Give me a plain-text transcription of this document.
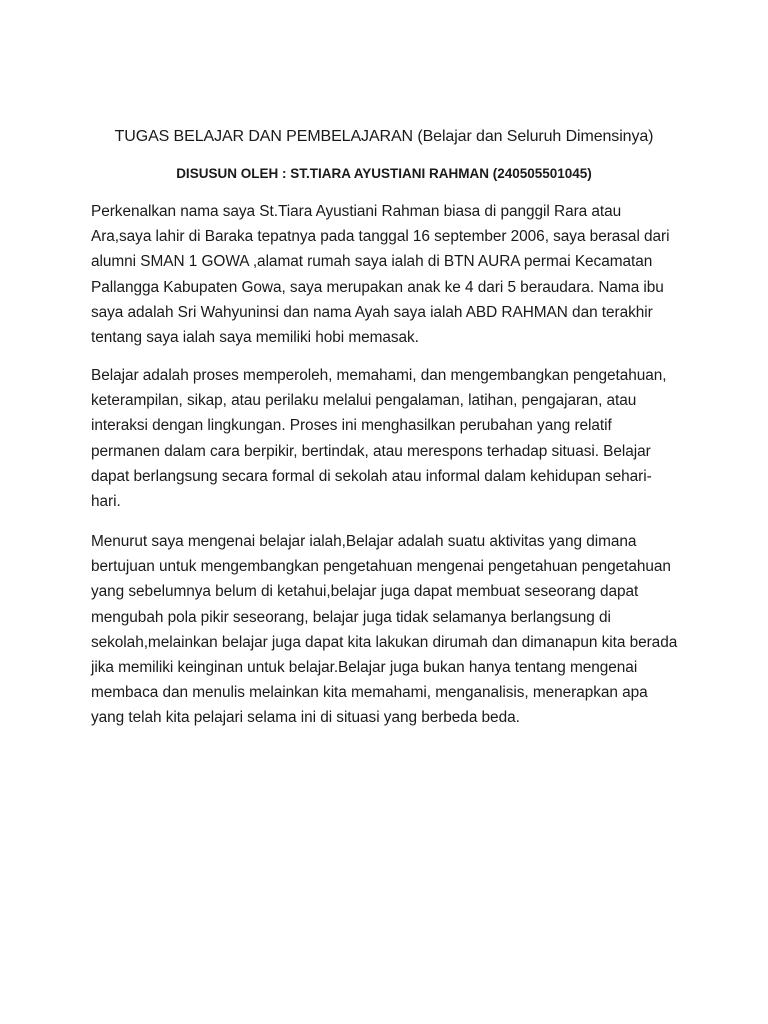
TUGAS BELAJAR DAN PEMBELAJARAN (Belajar dan Seluruh Dimensinya)

DISUSUN OLEH : ST.TIARA AYUSTIANI RAHMAN (240505501045)

Perkenalkan nama saya St.Tiara Ayustiani Rahman biasa di panggil Rara atau Ara,saya lahir di Baraka tepatnya pada tanggal 16 september 2006, saya berasal dari alumni SMAN 1 GOWA ,alamat rumah saya ialah di BTN AURA permai Kecamatan Pallangga Kabupaten Gowa, saya merupakan anak ke 4 dari 5 beraudara. Nama ibu saya adalah Sri Wahyuninsi dan nama Ayah saya ialah ABD RAHMAN dan terakhir tentang saya ialah saya memiliki hobi memasak.

Belajar adalah proses memperoleh, memahami, dan mengembangkan pengetahuan, keterampilan, sikap, atau perilaku melalui pengalaman, latihan, pengajaran, atau interaksi dengan lingkungan. Proses ini menghasilkan perubahan yang relatif permanen dalam cara berpikir, bertindak, atau merespons terhadap situasi. Belajar dapat berlangsung secara formal di sekolah atau informal dalam kehidupan sehari-hari.

Menurut saya mengenai belajar ialah,Belajar adalah suatu aktivitas yang dimana bertujuan untuk mengembangkan pengetahuan mengenai pengetahuan pengetahuan yang sebelumnya belum di ketahui,belajar juga dapat membuat seseorang dapat mengubah pola pikir seseorang, belajar juga tidak selamanya berlangsung di sekolah,melainkan belajar juga dapat kita lakukan dirumah dan dimanapun kita berada jika memiliki keinginan untuk belajar.Belajar juga bukan hanya tentang mengenai membaca dan menulis melainkan kita memahami, menganalisis, menerapkan apa yang telah kita pelajari selama ini di situasi yang berbeda beda.
